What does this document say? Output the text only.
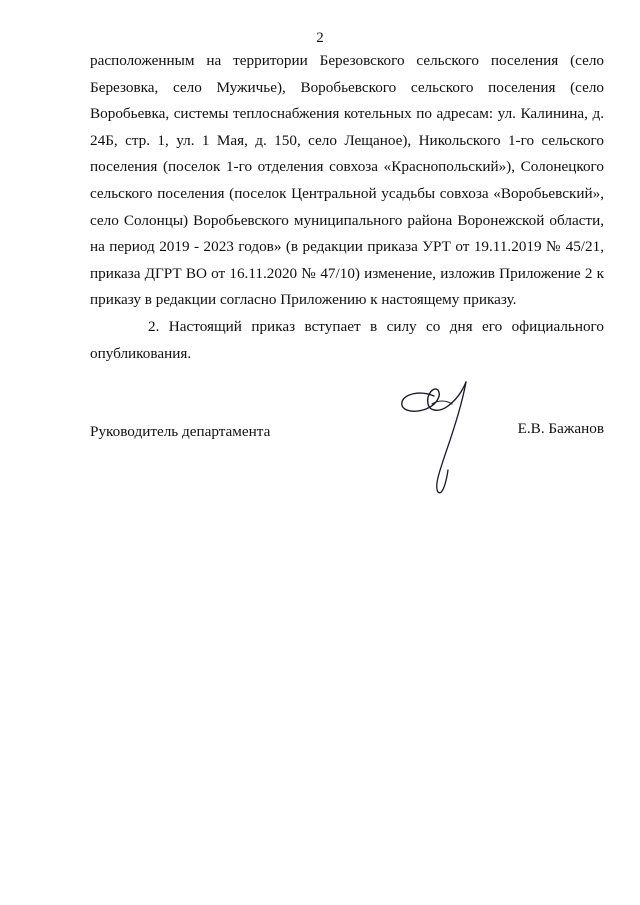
2
расположенным на территории Березовского сельского поселения (село Березовка, село Мужичье), Воробьевского сельского поселения (село Воробьевка, системы теплоснабжения котельных по адресам: ул. Калинина, д. 24Б, стр. 1, ул. 1 Мая, д. 150, село Лещаное), Никольского 1-го сельского поселения (поселок 1-го отделения совхоза «Краснопольский»), Солонецкого сельского поселения (поселок Центральной усадьбы совхоза «Воробьевский», село Солонцы) Воробьевского муниципального района Воронежской области, на период 2019 - 2023 годов» (в редакции приказа УРТ от 19.11.2019 № 45/21, приказа ДГРТ ВО от 16.11.2020 № 47/10) изменение, изложив Приложение 2 к приказу в редакции согласно Приложению к настоящему приказу.
2. Настоящий приказ вступает в силу со дня его официального опубликования.
Руководитель департамента	Е.В. Бажанов
